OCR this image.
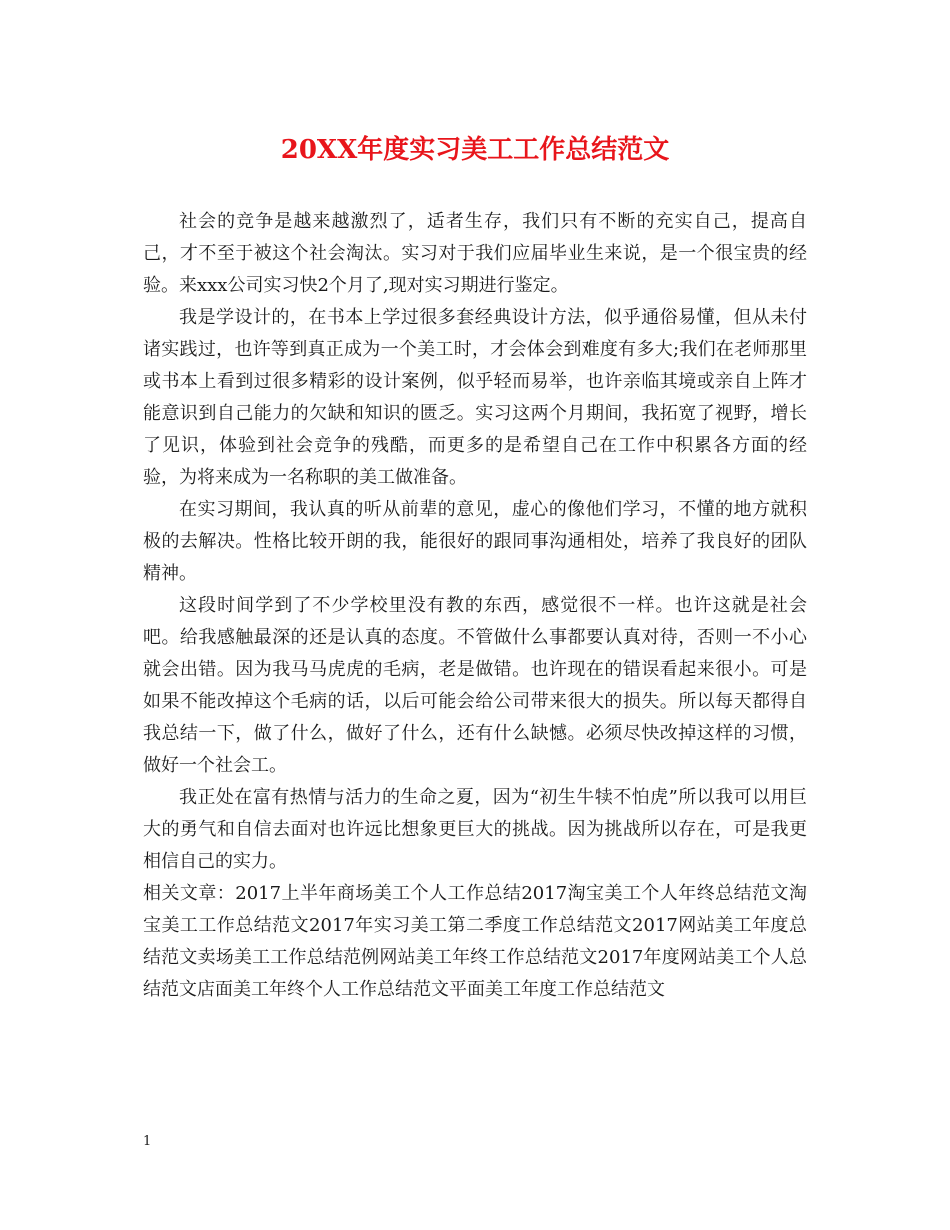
20XX年度实习美工工作总结范文

社会的竞争是越来越激烈了，适者生存，我们只有不断的充实自己，提高自己，才不至于被这个社会淘汰。实习对于我们应届毕业生来说，是一个很宝贵的经验。来xxx公司实习快2个月了,现对实习期进行鉴定。

我是学设计的，在书本上学过很多套经典设计方法，似乎通俗易懂，但从未付诸实践过，也许等到真正成为一个美工时，才会体会到难度有多大;我们在老师那里或书本上看到过很多精彩的设计案例，似乎轻而易举，也许亲临其境或亲自上阵才能意识到自己能力的欠缺和知识的匮乏。实习这两个月期间，我拓宽了视野，增长了见识，体验到社会竞争的残酷，而更多的是希望自己在工作中积累各方面的经验，为将来成为一名称职的美工做准备。

在实习期间，我认真的听从前辈的意见，虚心的像他们学习，不懂的地方就积极的去解决。性格比较开朗的我，能很好的跟同事沟通相处，培养了我良好的团队精神。

这段时间学到了不少学校里没有教的东西，感觉很不一样。也许这就是社会吧。给我感触最深的还是认真的态度。不管做什么事都要认真对待，否则一不小心就会出错。因为我马马虎虎的毛病，老是做错。也许现在的错误看起来很小。可是如果不能改掉这个毛病的话，以后可能会给公司带来很大的损失。所以每天都得自我总结一下，做了什么，做好了什么，还有什么缺憾。必须尽快改掉这样的习惯，做好一个社会工。

我正处在富有热情与活力的生命之夏，因为“初生牛犊不怕虎”所以我可以用巨大的勇气和自信去面对也许远比想象更巨大的挑战。因为挑战所以存在，可是我更相信自己的实力。

相关文章：2017上半年商场美工个人工作总结2017淘宝美工个人年终总结范文淘宝美工工作总结范文2017年实习美工第二季度工作总结范文2017网站美工年度总结范文卖场美工工作总结范例网站美工年终工作总结范文2017年度网站美工个人总结范文店面美工年终个人工作总结范文平面美工年度工作总结范文

1
